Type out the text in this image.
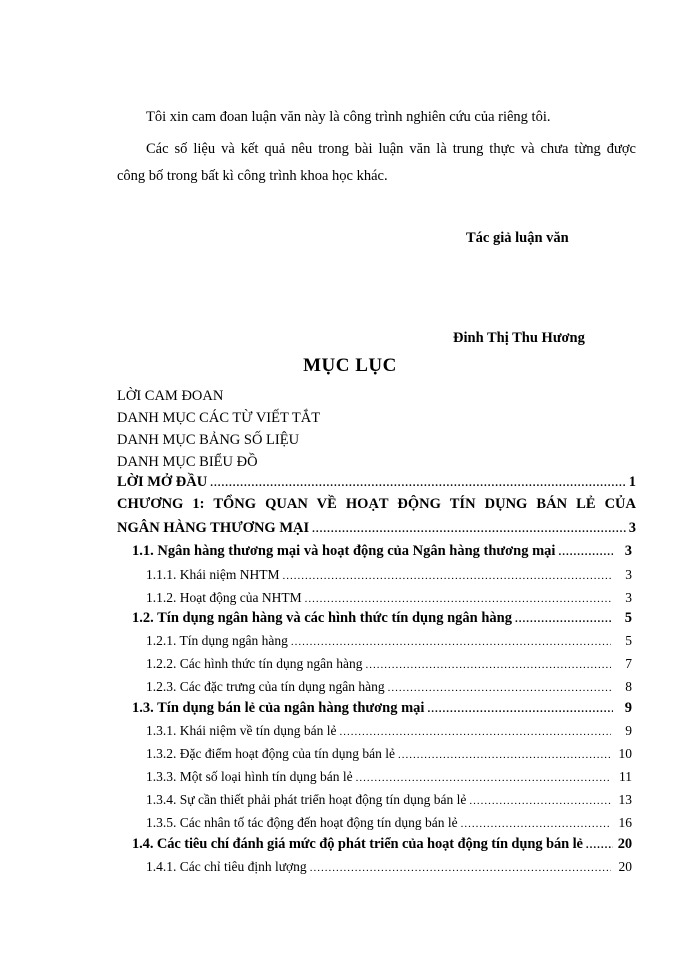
Tôi xin cam đoan luận văn này là công trình nghiên cứu của riêng tôi.
Các số liệu và kết quả nêu trong bài luận văn là trung thực và chưa từng được
công bố trong bất kì công trình khoa học khác.
Tác giả luận văn
Đinh Thị Thu Hương
MỤC LỤC
LỜI CAM ĐOAN
DANH MỤC CÁC TỪ VIẾT TẮT
DANH MỤC BẢNG SỐ LIỆU
DANH MỤC BIỂU ĐỒ
LỜI MỞ ĐẦU .....	1
CHƯƠNG 1: TỔNG QUAN VỀ HOẠT ĐỘNG TÍN DỤNG BÁN LẺ CỦA
NGÂN HÀNG THƯƠNG MẠI .....	3
1.1. Ngân hàng thương mại và hoạt động của Ngân hàng thương mại .....	3
1.1.1. Khái niệm NHTM .....	3
1.1.2. Hoạt động của NHTM .....	3
1.2. Tín dụng ngân hàng và các hình thức tín dụng ngân hàng .....	5
1.2.1. Tín dụng ngân hàng .....	5
1.2.2. Các hình thức tín dụng ngân hàng .....	7
1.2.3. Các đặc trưng của tín dụng ngân hàng .....	8
1.3. Tín dụng bán lẻ của ngân hàng thương mại .....	9
1.3.1. Khái niệm về tín dụng bán lẻ .....	9
1.3.2. Đặc điểm hoạt động của tín dụng bán lẻ .....	10
1.3.3. Một số loại hình tín dụng bán lẻ .....	11
1.3.4. Sự cần thiết phải phát triển hoạt động tín dụng bán lẻ .....	13
1.3.5. Các nhân tố tác động đến hoạt động tín dụng bán lẻ .....	16
1.4. Các tiêu chí đánh giá mức độ phát triển của hoạt động tín dụng bán lẻ ..... 20
1.4.1. Các chỉ tiêu định lượng .....	20
